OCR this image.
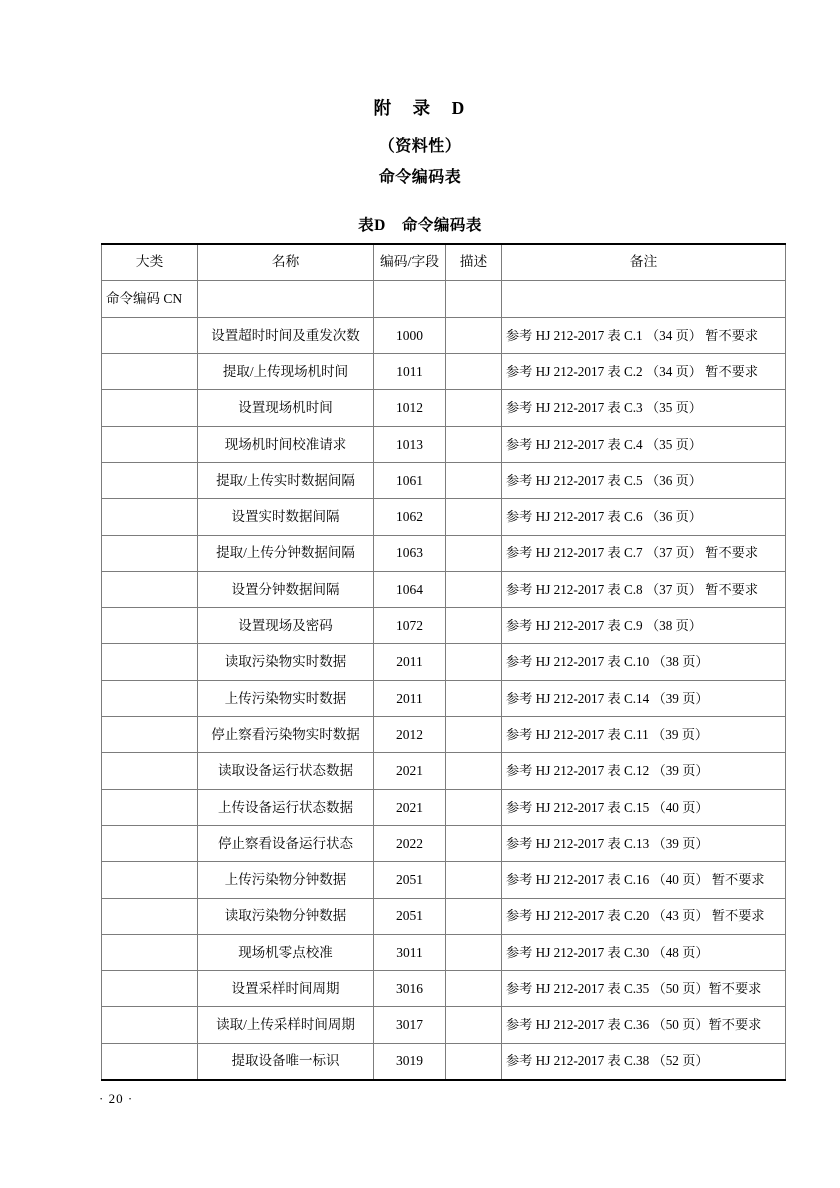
附　录　D
（资料性）
命令编码表
表D　命令编码表
大类	名称	编码/字段	描述	备注
命令编码 CN				
	设置超时时间及重发次数	1000		参考 HJ 212-2017 表 C.1 （34 页） 暂不要求
	提取/上传现场机时间	1011		参考 HJ 212-2017 表 C.2 （34 页） 暂不要求
	设置现场机时间	1012		参考 HJ 212-2017 表 C.3 （35 页）
	现场机时间校准请求	1013		参考 HJ 212-2017 表 C.4 （35 页）
	提取/上传实时数据间隔	1061		参考 HJ 212-2017 表 C.5 （36 页）
	设置实时数据间隔	1062		参考 HJ 212-2017 表 C.6 （36 页）
	提取/上传分钟数据间隔	1063		参考 HJ 212-2017 表 C.7 （37 页） 暂不要求
	设置分钟数据间隔	1064		参考 HJ 212-2017 表 C.8 （37 页） 暂不要求
	设置现场及密码	1072		参考 HJ 212-2017 表 C.9 （38 页）
	读取污染物实时数据	2011		参考 HJ 212-2017 表 C.10 （38 页）
	上传污染物实时数据	2011		参考 HJ 212-2017 表 C.14 （39 页）
	停止察看污染物实时数据	2012		参考 HJ 212-2017 表 C.11 （39 页）
	读取设备运行状态数据	2021		参考 HJ 212-2017 表 C.12 （39 页）
	上传设备运行状态数据	2021		参考 HJ 212-2017 表 C.15 （40 页）
	停止察看设备运行状态	2022		参考 HJ 212-2017 表 C.13 （39 页）
	上传污染物分钟数据	2051		参考 HJ 212-2017 表 C.16 （40 页） 暂不要求
	读取污染物分钟数据	2051		参考 HJ 212-2017 表 C.20 （43 页） 暂不要求
	现场机零点校准	3011		参考 HJ 212-2017 表 C.30 （48 页）
	设置采样时间周期	3016		参考 HJ 212-2017 表 C.35 （50 页）暂不要求
	读取/上传采样时间周期	3017		参考 HJ 212-2017 表 C.36 （50 页）暂不要求
	提取设备唯一标识	3019		参考 HJ 212-2017 表 C.38 （52 页）
· 20 ·
